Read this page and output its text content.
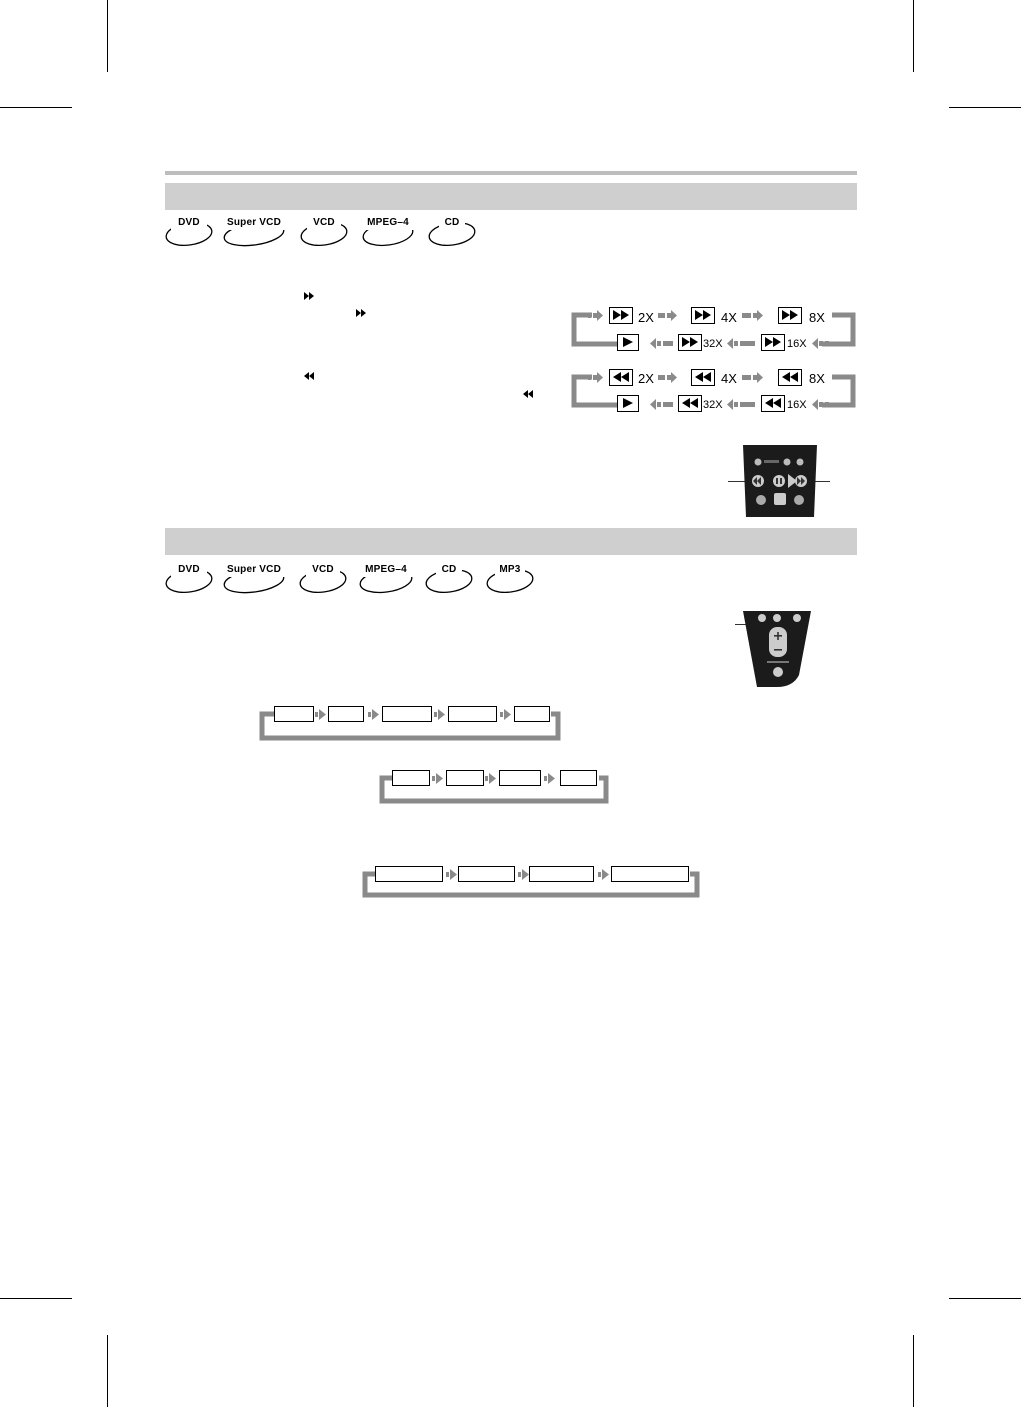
DVD	Super VCD	VCD	MPEG–4	CD
2X	4X	8X
32X	16X
2X	4X	8X
32X	16X
DVD	Super VCD	VCD	MPEG–4	CD	MP3
